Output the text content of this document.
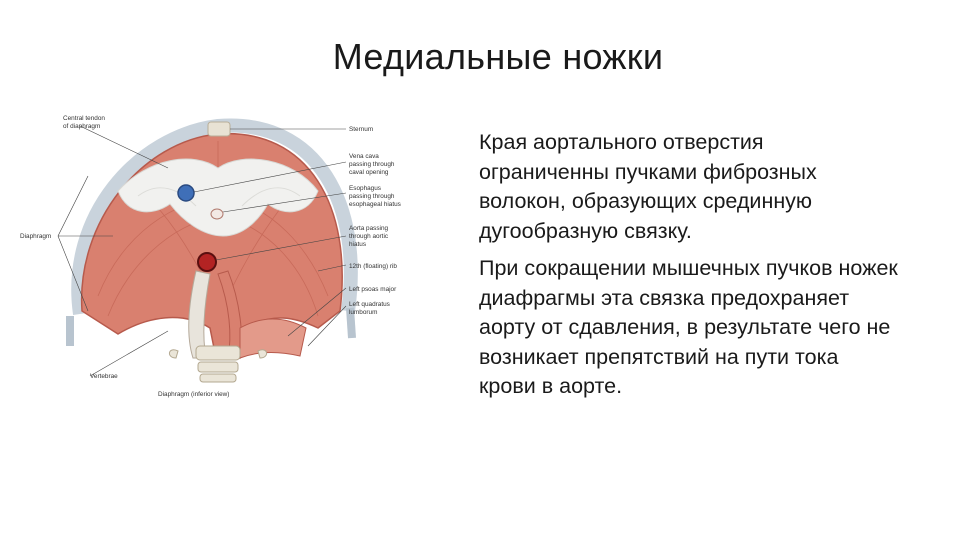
Медиальные ножки
Central tendon
of diaphragm	Sternum
Vena cava
passing through
caval opening
Esophagus
passing through
esophageal hiatus
Aorta passing
through aortic
hiatus
12th (floating) rib
Left psoas major
Left quadratus
lumborum
Diaphragm
Vertebrae
Diaphragm (inferior view)

Края аортального отверстия ограниченны пучками фиброзных волокон, образующих срединную дугообразную связку.

При сокращении мышечных пучков ножек диафрагмы эта связка предохраняет аорту от сдавления, в результате чего не возникает препятствий на пути тока крови в аорте.
